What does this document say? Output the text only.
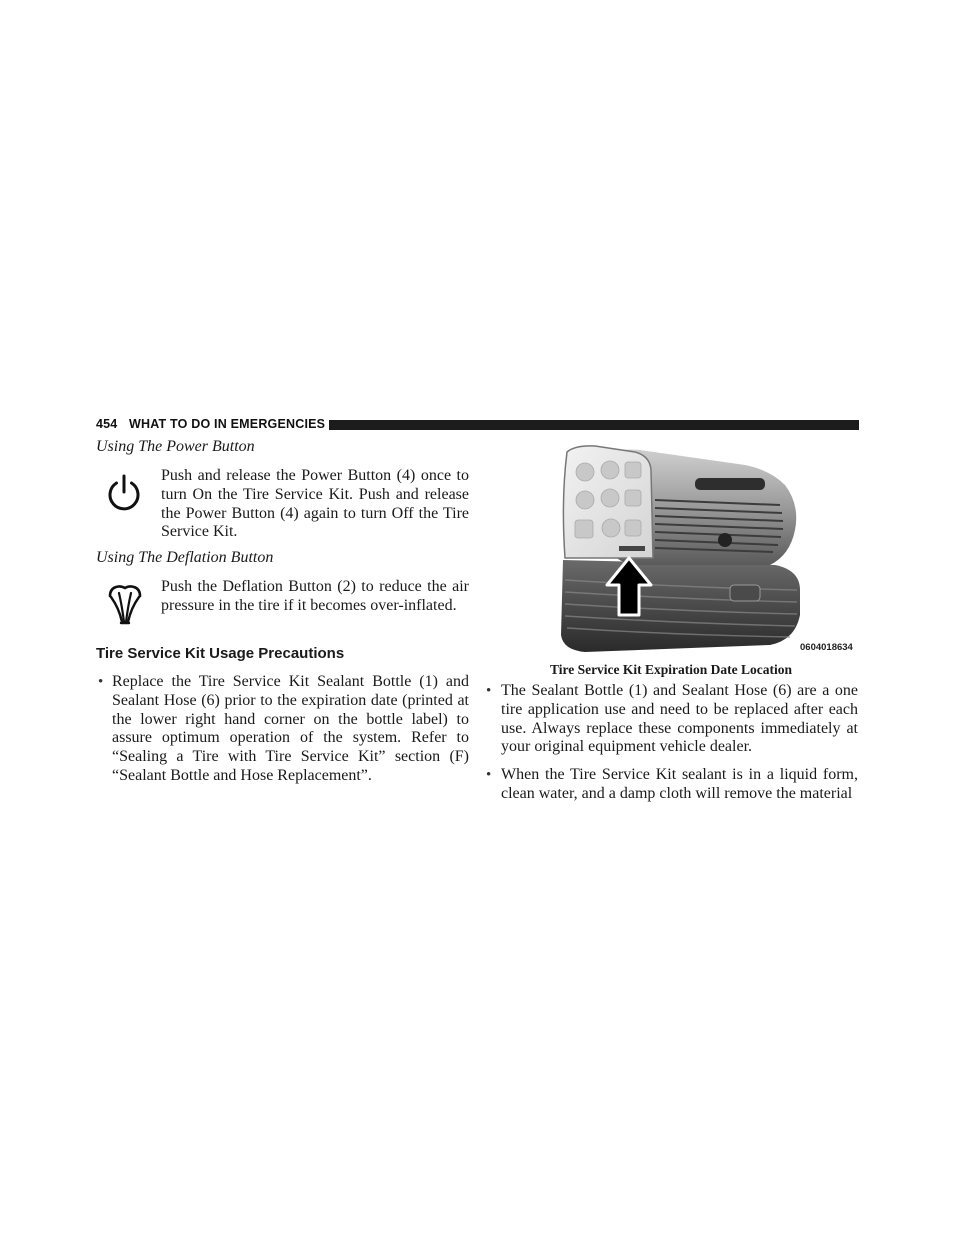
454 WHAT TO DO IN EMERGENCIES
Using The Power Button
Push and release the Power Button (4) once to turn On the Tire Service Kit. Push and release the Power Button (4) again to turn Off the Tire Service Kit.
Using The Deflation Button
Push the Deflation Button (2) to reduce the air pressure in the tire if it becomes over-inflated.
Tire Service Kit Usage Precautions
• Replace the Tire Service Kit Sealant Bottle (1) and Sealant Hose (6) prior to the expiration date (printed at the lower right hand corner on the bottle label) to assure optimum operation of the system. Refer to “Sealing a Tire with Tire Service Kit” section (F) “Sealant Bottle and Hose Replacement”.
0604018634
Tire Service Kit Expiration Date Location
• The Sealant Bottle (1) and Sealant Hose (6) are a one tire application use and need to be replaced after each use. Always replace these components immediately at your original equipment vehicle dealer.
• When the Tire Service Kit sealant is in a liquid form, clean water, and a damp cloth will remove the material
